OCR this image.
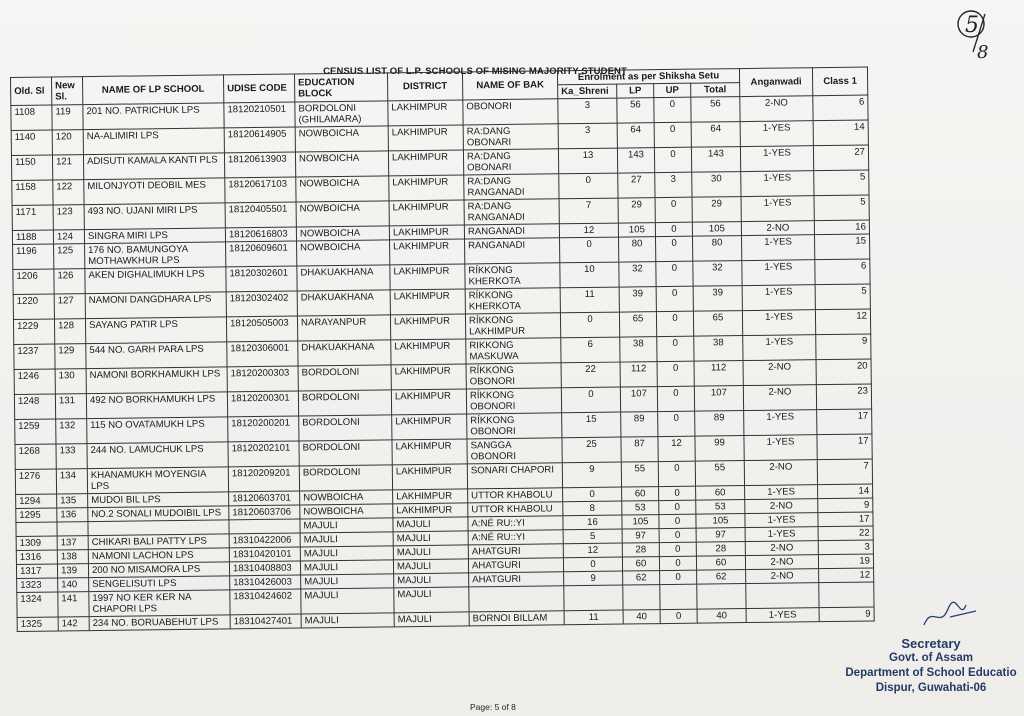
5
8
CENSUS LIST OF L.P. SCHOOLS OF MISING MAJORITY STUDENT
Old. Sl	New Sl.	NAME OF LP SCHOOL	UDISE CODE	EDUCATION BLOCK	DISTRICT	NAME OF BAK	Enrolment as per Shiksha Setu				Anganwadi	Class 1
							Ka_Shreni	LP	UP	Total		
1108	119	201 NO. PATRICHUK LPS	18120210501	BORDOLONI (GHILAMARA)	LAKHIMPUR	OBONORI	3	56	0	56	2-NO	6
1140	120	NA-ALIMIRI LPS	18120614905	NOWBOICHA	LAKHIMPUR	RA:DANG OBONARI	3	64	0	64	1-YES	14
1150	121	ADISUTI KAMALA KANTI PLS	18120613903	NOWBOICHA	LAKHIMPUR	RA:DANG OBONARI	13	143	0	143	1-YES	27
1158	122	MILONJYOTI DEOBIL MES	18120617103	NOWBOICHA	LAKHIMPUR	RA:DANG RANGANADI	0	27	3	30	1-YES	5
1171	123	493 NO. UJANI MIRI LPS	18120405501	NOWBOICHA	LAKHIMPUR	RA:DANG RANGANADI	7	29	0	29	1-YES	5
1188	124	SINGRA MIRI LPS	18120616803	NOWBOICHA	LAKHIMPUR	RANGANADI	12	105	0	105	2-NO	16
1196	125	176 NO. BAMUNGOYA MOTHAWKHUR LPS	18120609601	NOWBOICHA	LAKHIMPUR	RANGANADI	0	80	0	80	1-YES	15
1206	126	AKEN DIGHALIMUKH LPS	18120302601	DHAKUAKHANA	LAKHIMPUR	RÍKKONG KHERKOTA	10	32	0	32	1-YES	6
1220	127	NAMONI DANGDHARA LPS	18120302402	DHAKUAKHANA	LAKHIMPUR	RÍKKONG KHERKOTA	11	39	0	39	1-YES	5
1229	128	SAYANG PATIR LPS	18120505003	NARAYANPUR	LAKHIMPUR	RÍKKONG LAKHIMPUR	0	65	0	65	1-YES	12
1237	129	544 NO. GARH PARA LPS	18120306001	DHAKUAKHANA	LAKHIMPUR	RIKKONG MASKUWA	6	38	0	38	1-YES	9
1246	130	NAMONI BORKHAMUKH LPS	18120200303	BORDOLONI	LAKHIMPUR	RÍKKONG OBONORI	22	112	0	112	2-NO	20
1248	131	492 NO BORKHAMUKH LPS	18120200301	BORDOLONI	LAKHIMPUR	RÍKKONG OBONORI	0	107	0	107	2-NO	23
1259	132	115 NO OVATAMUKH LPS	18120200201	BORDOLONI	LAKHIMPUR	RÍKKONG OBONORI	15	89	0	89	1-YES	17
1268	133	244 NO. LAMUCHUK LPS	18120202101	BORDOLONI	LAKHIMPUR	SANGGA OBONORI	25	87	12	99	1-YES	17
1276	134	KHANAMUKH MOYENGIA LPS	18120209201	BORDOLONI	LAKHIMPUR	SONARI CHAPORI	9	55	0	55	2-NO	7
1294	135	MUDOI BIL LPS	18120603701	NOWBOICHA	LAKHIMPUR	UTTOR KHABOLU	0	60	0	60	1-YES	14
1295	136	NO.2 SONALI MUDOIBIL LPS	18120603706	NOWBOICHA	LAKHIMPUR	UTTOR KHABOLU	8	53	0	53	2-NO	9
				MAJULI	MAJULI	A:NÉ RU::YI	16	105	0	105	1-YES	17
1309	137	CHIKARI BALI PATTY LPS	18310422006	MAJULI	MAJULI	A:NÉ RU::YI	5	97	0	97	1-YES	22
1316	138	NAMONI LACHON LPS	18310420101	MAJULI	MAJULI	AHATGURI	12	28	0	28	2-NO	3
1317	139	200 NO MISAMORA LPS	18310408803	MAJULI	MAJULI	AHATGURI	0	60	0	60	2-NO	19
1323	140	SENGELISUTI LPS	18310426003	MAJULI	MAJULI	AHATGURI	9	62	0	62	2-NO	12
1324	141	1997 NO KER KER NA CHAPORI LPS	18310424602	MAJULI	MAJULI							
1325	142	234 NO. BORUABEHUT LPS	18310427401	MAJULI	MAJULI	BORNOI BILLAM	11	40	0	40	1-YES	9
Secretary
Govt. of Assam
Department of School Educatio
Dispur, Guwahati-06
Page: 5 of 8
